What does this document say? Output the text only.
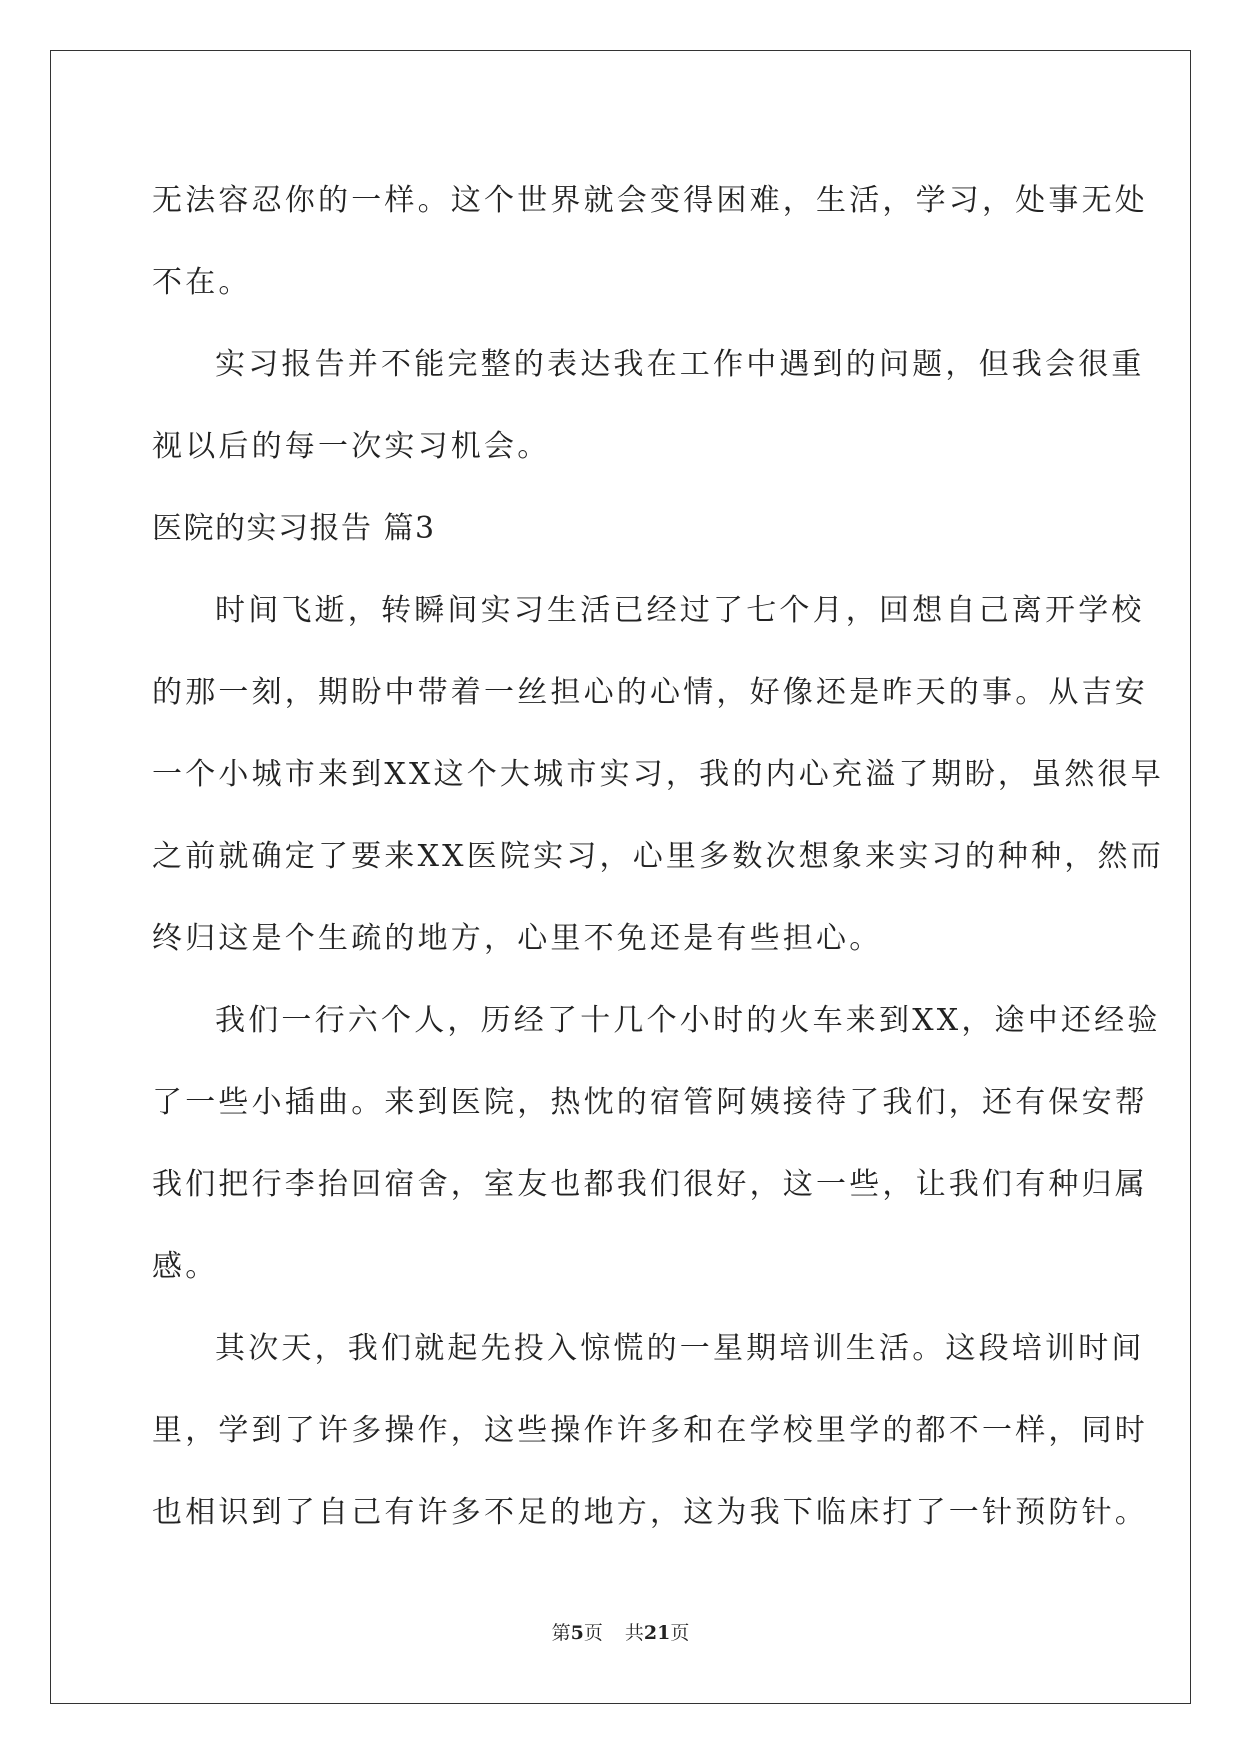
无法容忍你的一样。这个世界就会变得困难，生活，学习，处事无处
不在。
实习报告并不能完整的表达我在工作中遇到的问题，但我会很重
视以后的每一次实习机会。
医院的实习报告 篇3
时间飞逝，转瞬间实习生活已经过了七个月，回想自己离开学校
的那一刻，期盼中带着一丝担心的心情，好像还是昨天的事。从吉安
一个小城市来到XX这个大城市实习，我的内心充溢了期盼，虽然很早
之前就确定了要来XX医院实习，心里多数次想象来实习的种种，然而
终归这是个生疏的地方，心里不免还是有些担心。
我们一行六个人，历经了十几个小时的火车来到XX，途中还经验
了一些小插曲。来到医院，热忱的宿管阿姨接待了我们，还有保安帮
我们把行李抬回宿舍，室友也都我们很好，这一些，让我们有种归属
感。
其次天，我们就起先投入惊慌的一星期培训生活。这段培训时间
里，学到了许多操作，这些操作许多和在学校里学的都不一样，同时
也相识到了自己有许多不足的地方，这为我下临床打了一针预防针。
第5页 共21页
